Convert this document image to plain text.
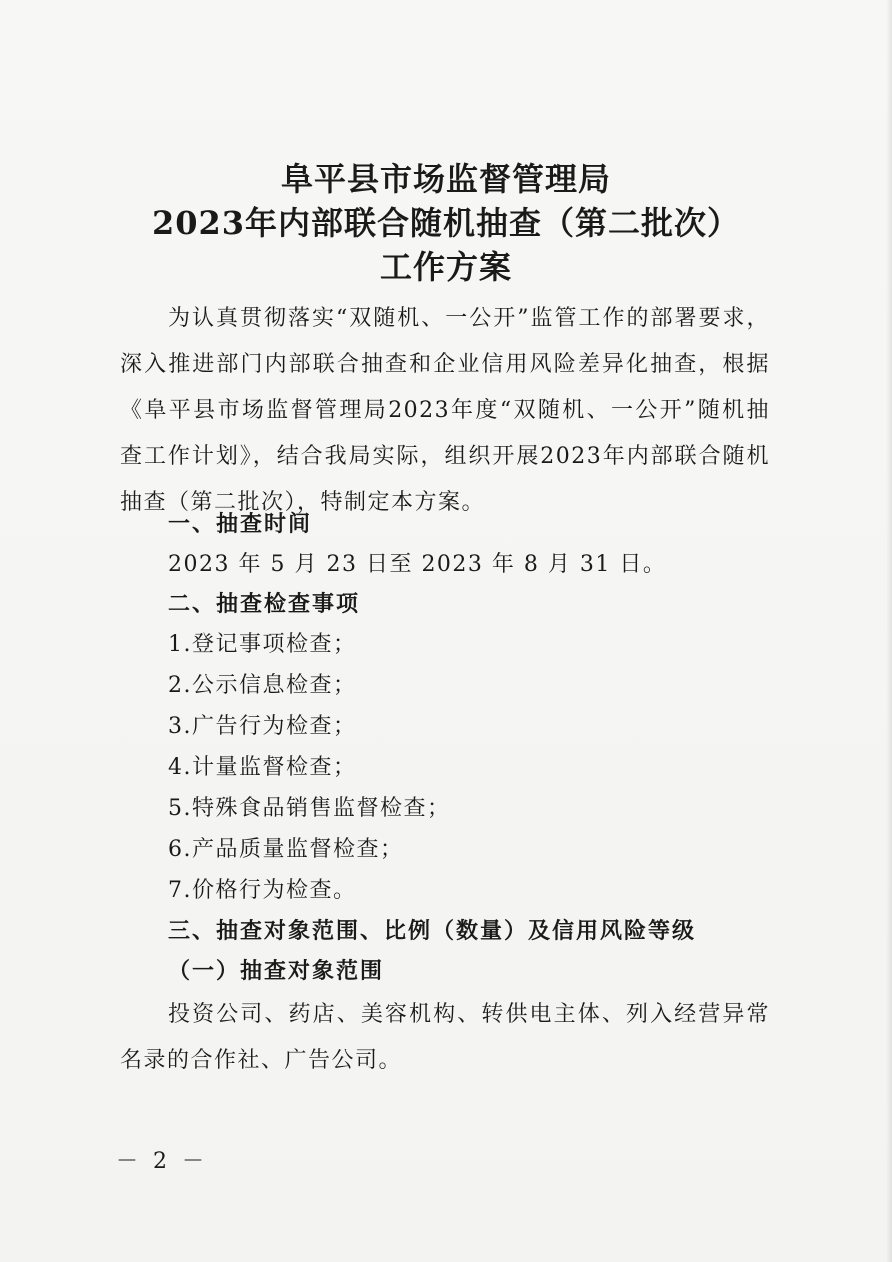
阜平县市场监督管理局
2023年内部联合随机抽查（第二批次）
工作方案
为认真贯彻落实“双随机、一公开”监管工作的部署要求，深入推进部门内部联合抽查和企业信用风险差异化抽查，根据《阜平县市场监督管理局2023年度“双随机、一公开”随机抽查工作计划》，结合我局实际，组织开展2023年内部联合随机抽查（第二批次），特制定本方案。
一、抽查时间
2023 年 5 月 23 日至 2023 年 8 月 31 日。
二、抽查检查事项
1.登记事项检查；
2.公示信息检查；
3.广告行为检查；
4.计量监督检查；
5.特殊食品销售监督检查；
6.产品质量监督检查；
7.价格行为检查。
三、抽查对象范围、比例（数量）及信用风险等级
（一）抽查对象范围
投资公司、药店、美容机构、转供电主体、列入经营异常名录的合作社、广告公司。
－ 2 －
